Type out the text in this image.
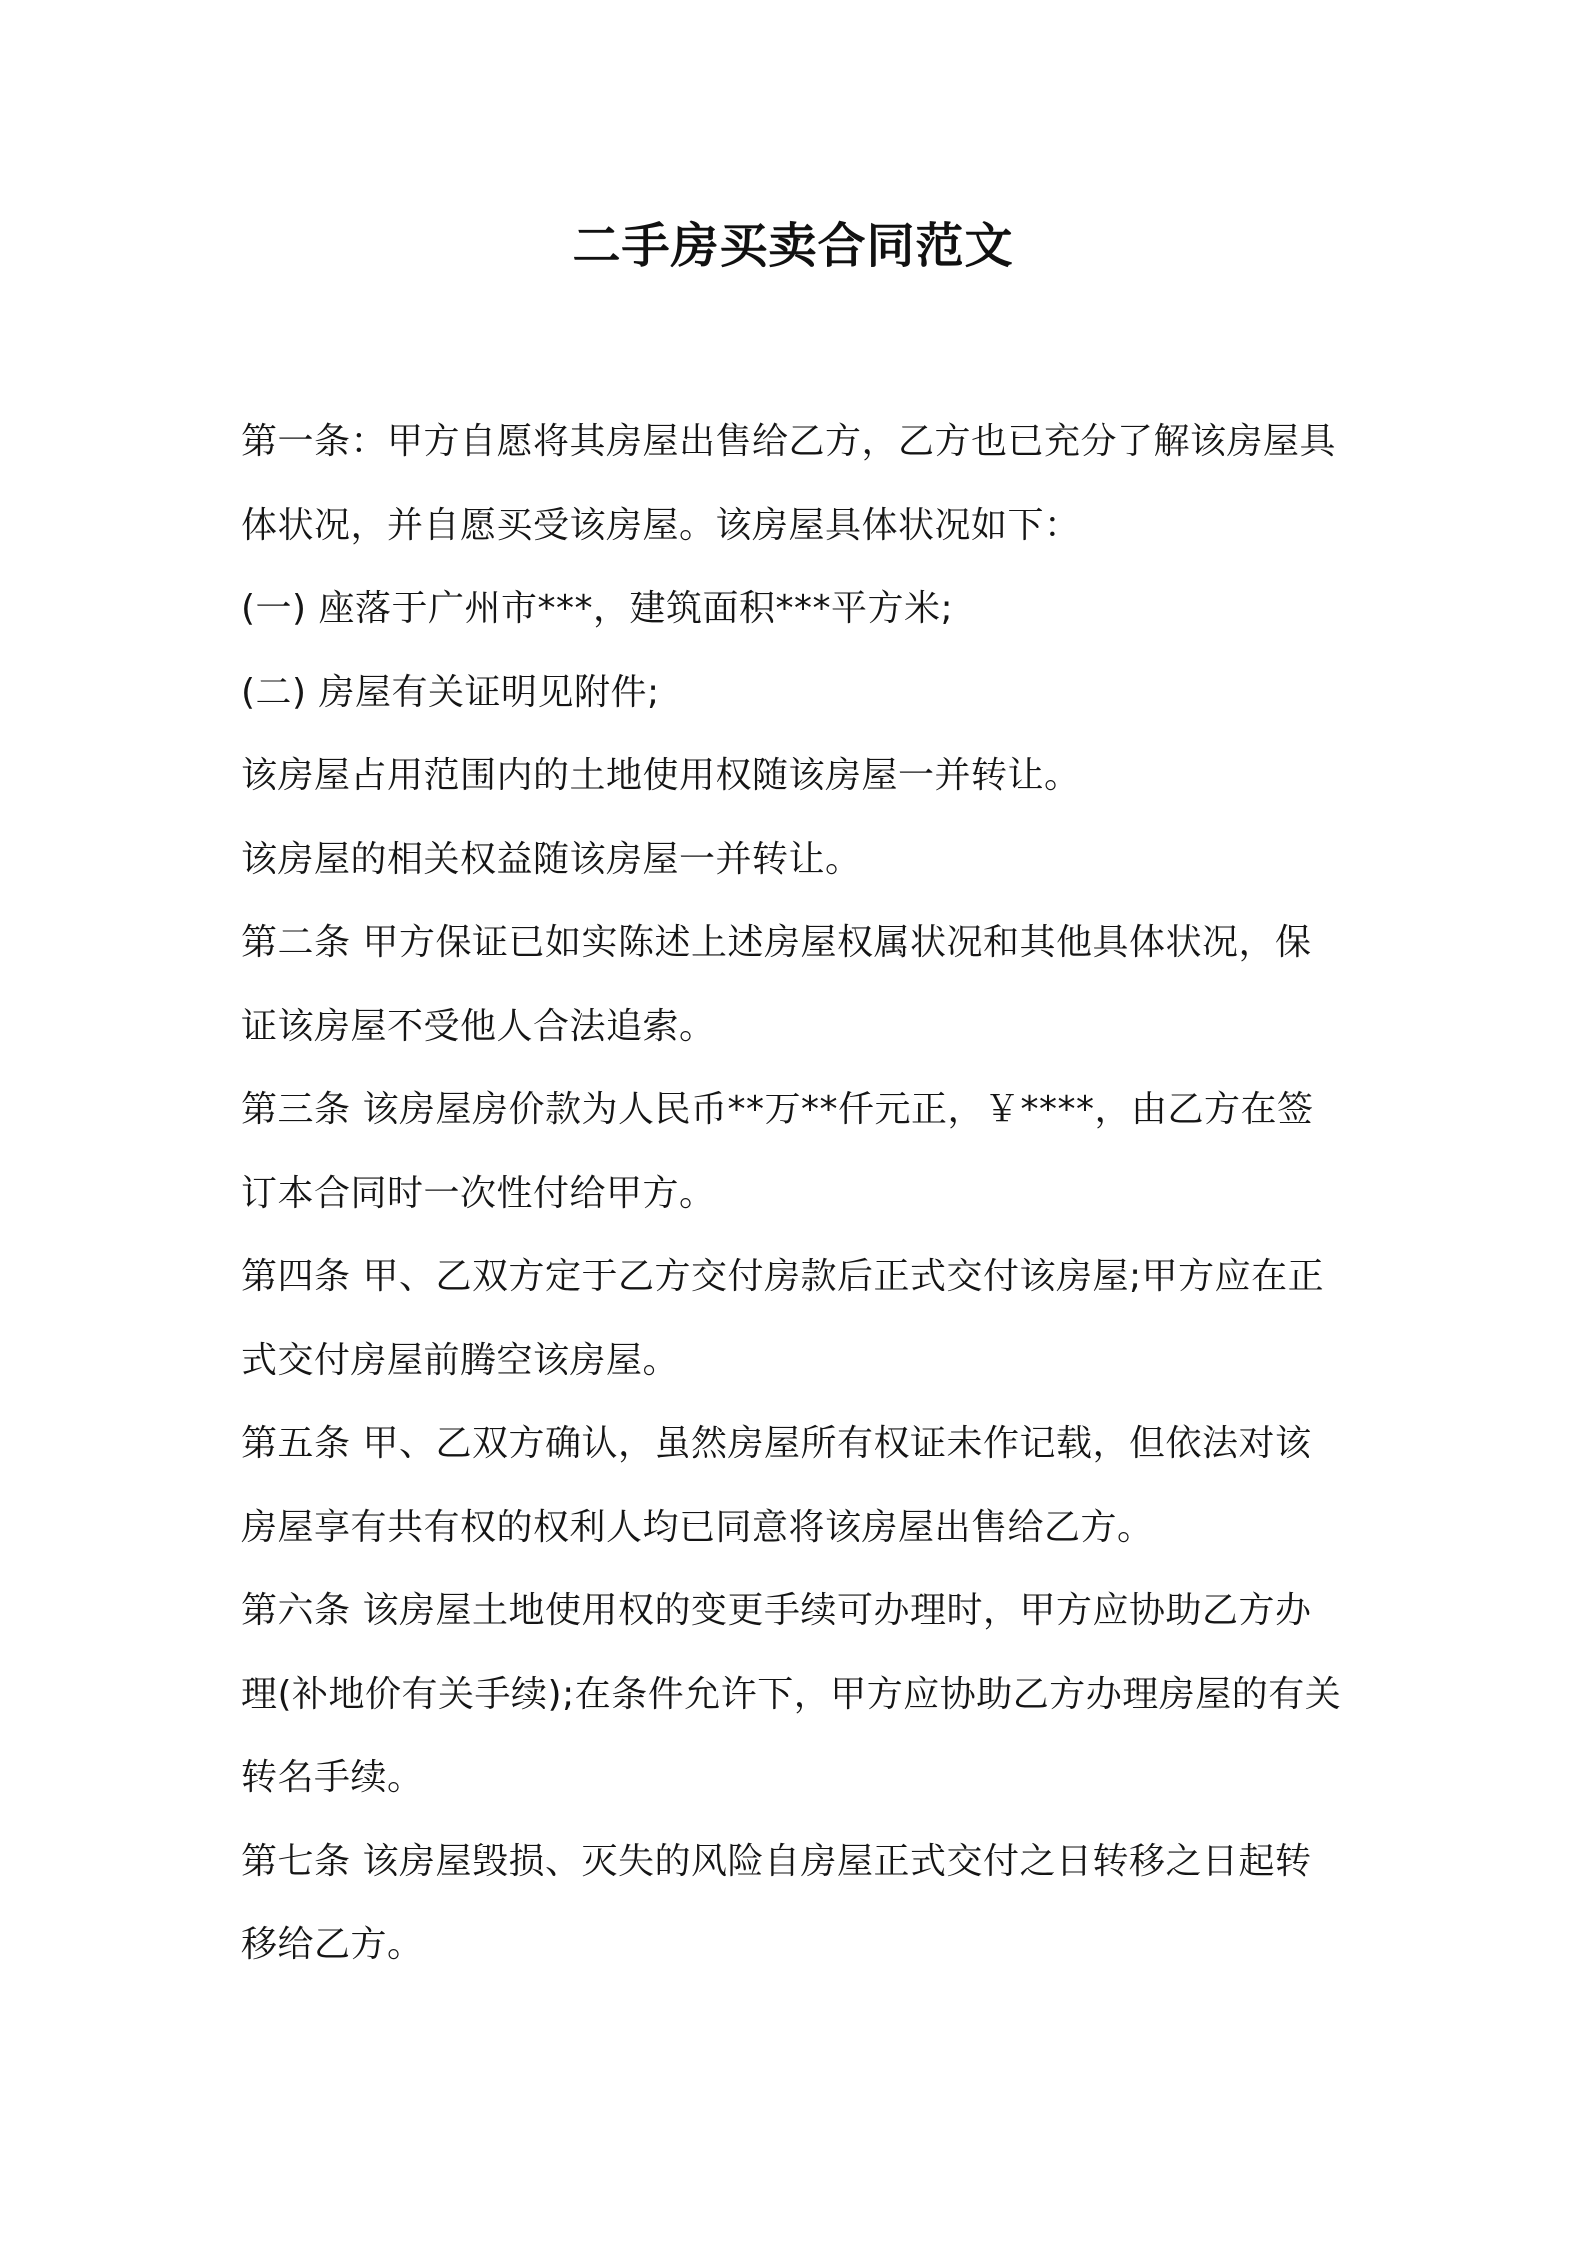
二手房买卖合同范文
第一条：甲方自愿将其房屋出售给乙方，乙方也已充分了解该房屋具
体状况，并自愿买受该房屋。该房屋具体状况如下：
(一) 座落于广州市***，建筑面积***平方米;
(二) 房屋有关证明见附件;
该房屋占用范围内的土地使用权随该房屋一并转让。
该房屋的相关权益随该房屋一并转让。
第二条 甲方保证已如实陈述上述房屋权属状况和其他具体状况，保
证该房屋不受他人合法追索。
第三条 该房屋房价款为人民币**万**仟元正，￥****，由乙方在签
订本合同时一次性付给甲方。
第四条 甲、乙双方定于乙方交付房款后正式交付该房屋;甲方应在正
式交付房屋前腾空该房屋。
第五条 甲、乙双方确认，虽然房屋所有权证未作记载，但依法对该
房屋享有共有权的权利人均已同意将该房屋出售给乙方。
第六条 该房屋土地使用权的变更手续可办理时，甲方应协助乙方办
理(补地价有关手续);在条件允许下，甲方应协助乙方办理房屋的有关
转名手续。
第七条 该房屋毁损、灭失的风险自房屋正式交付之日转移之日起转
移给乙方。
